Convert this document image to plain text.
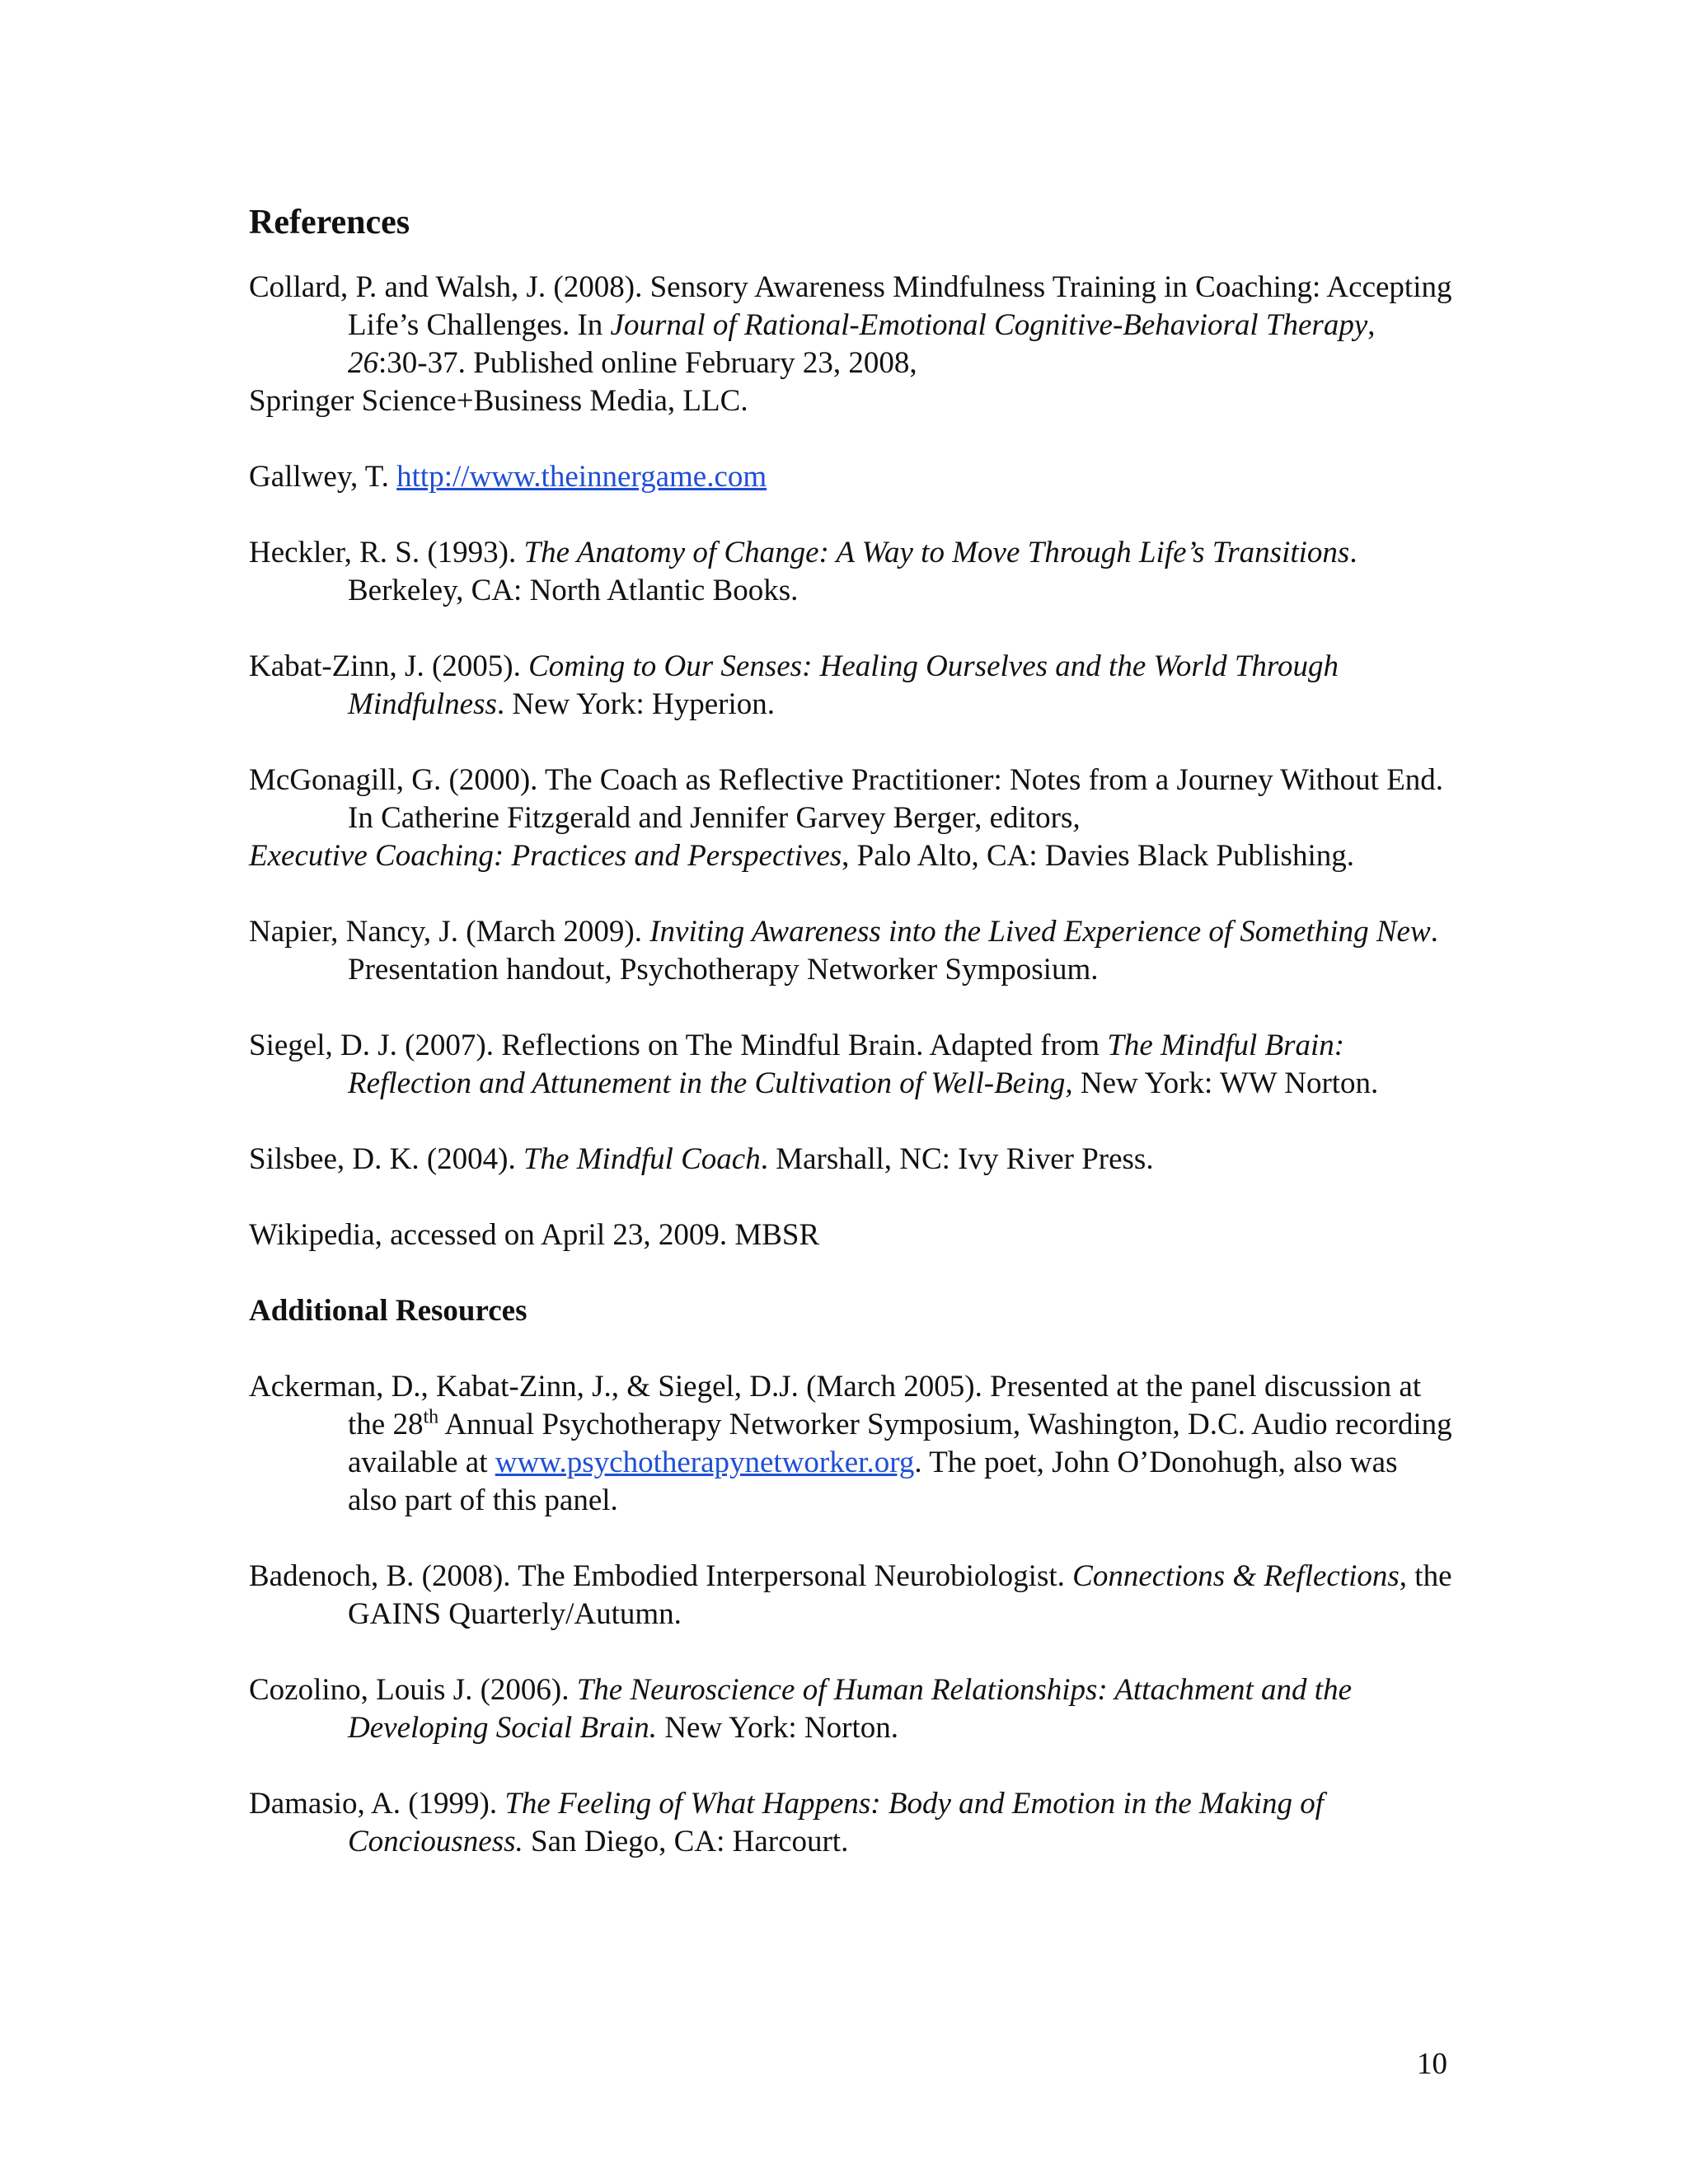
References

Collard, P. and Walsh, J. (2008). Sensory Awareness Mindfulness Training in Coaching: Accepting Life’s Challenges. In Journal of Rational-Emotional Cognitive-Behavioral Therapy, 26:30-37. Published online February 23, 2008,
Springer Science+Business Media, LLC.

Gallwey, T. http://www.theinnergame.com

Heckler, R. S. (1993). The Anatomy of Change: A Way to Move Through Life’s Transitions. Berkeley, CA: North Atlantic Books.

Kabat-Zinn, J. (2005). Coming to Our Senses: Healing Ourselves and the World Through Mindfulness. New York: Hyperion.

McGonagill, G. (2000). The Coach as Reflective Practitioner: Notes from a Journey Without End. In Catherine Fitzgerald and Jennifer Garvey Berger, editors,
Executive Coaching: Practices and Perspectives, Palo Alto, CA: Davies Black Publishing.

Napier, Nancy, J. (March 2009). Inviting Awareness into the Lived Experience of Something New. Presentation handout, Psychotherapy Networker Symposium.

Siegel, D. J. (2007). Reflections on The Mindful Brain. Adapted from The Mindful Brain: Reflection and Attunement in the Cultivation of Well-Being, New York: WW Norton.

Silsbee, D. K. (2004). The Mindful Coach. Marshall, NC: Ivy River Press.

Wikipedia, accessed on April 23, 2009. MBSR

Additional Resources

Ackerman, D., Kabat-Zinn, J., & Siegel, D.J. (March 2005). Presented at the panel discussion at the 28th Annual Psychotherapy Networker Symposium, Washington, D.C. Audio recording available at www.psychotherapynetworker.org. The poet, John O’Donohugh, also was also part of this panel.

Badenoch, B. (2008). The Embodied Interpersonal Neurobiologist. Connections & Reflections, the GAINS Quarterly/Autumn.

Cozolino, Louis J. (2006). The Neuroscience of Human Relationships: Attachment and the Developing Social Brain. New York: Norton.

Damasio, A. (1999). The Feeling of What Happens: Body and Emotion in the Making of Conciousness. San Diego, CA: Harcourt.

10
